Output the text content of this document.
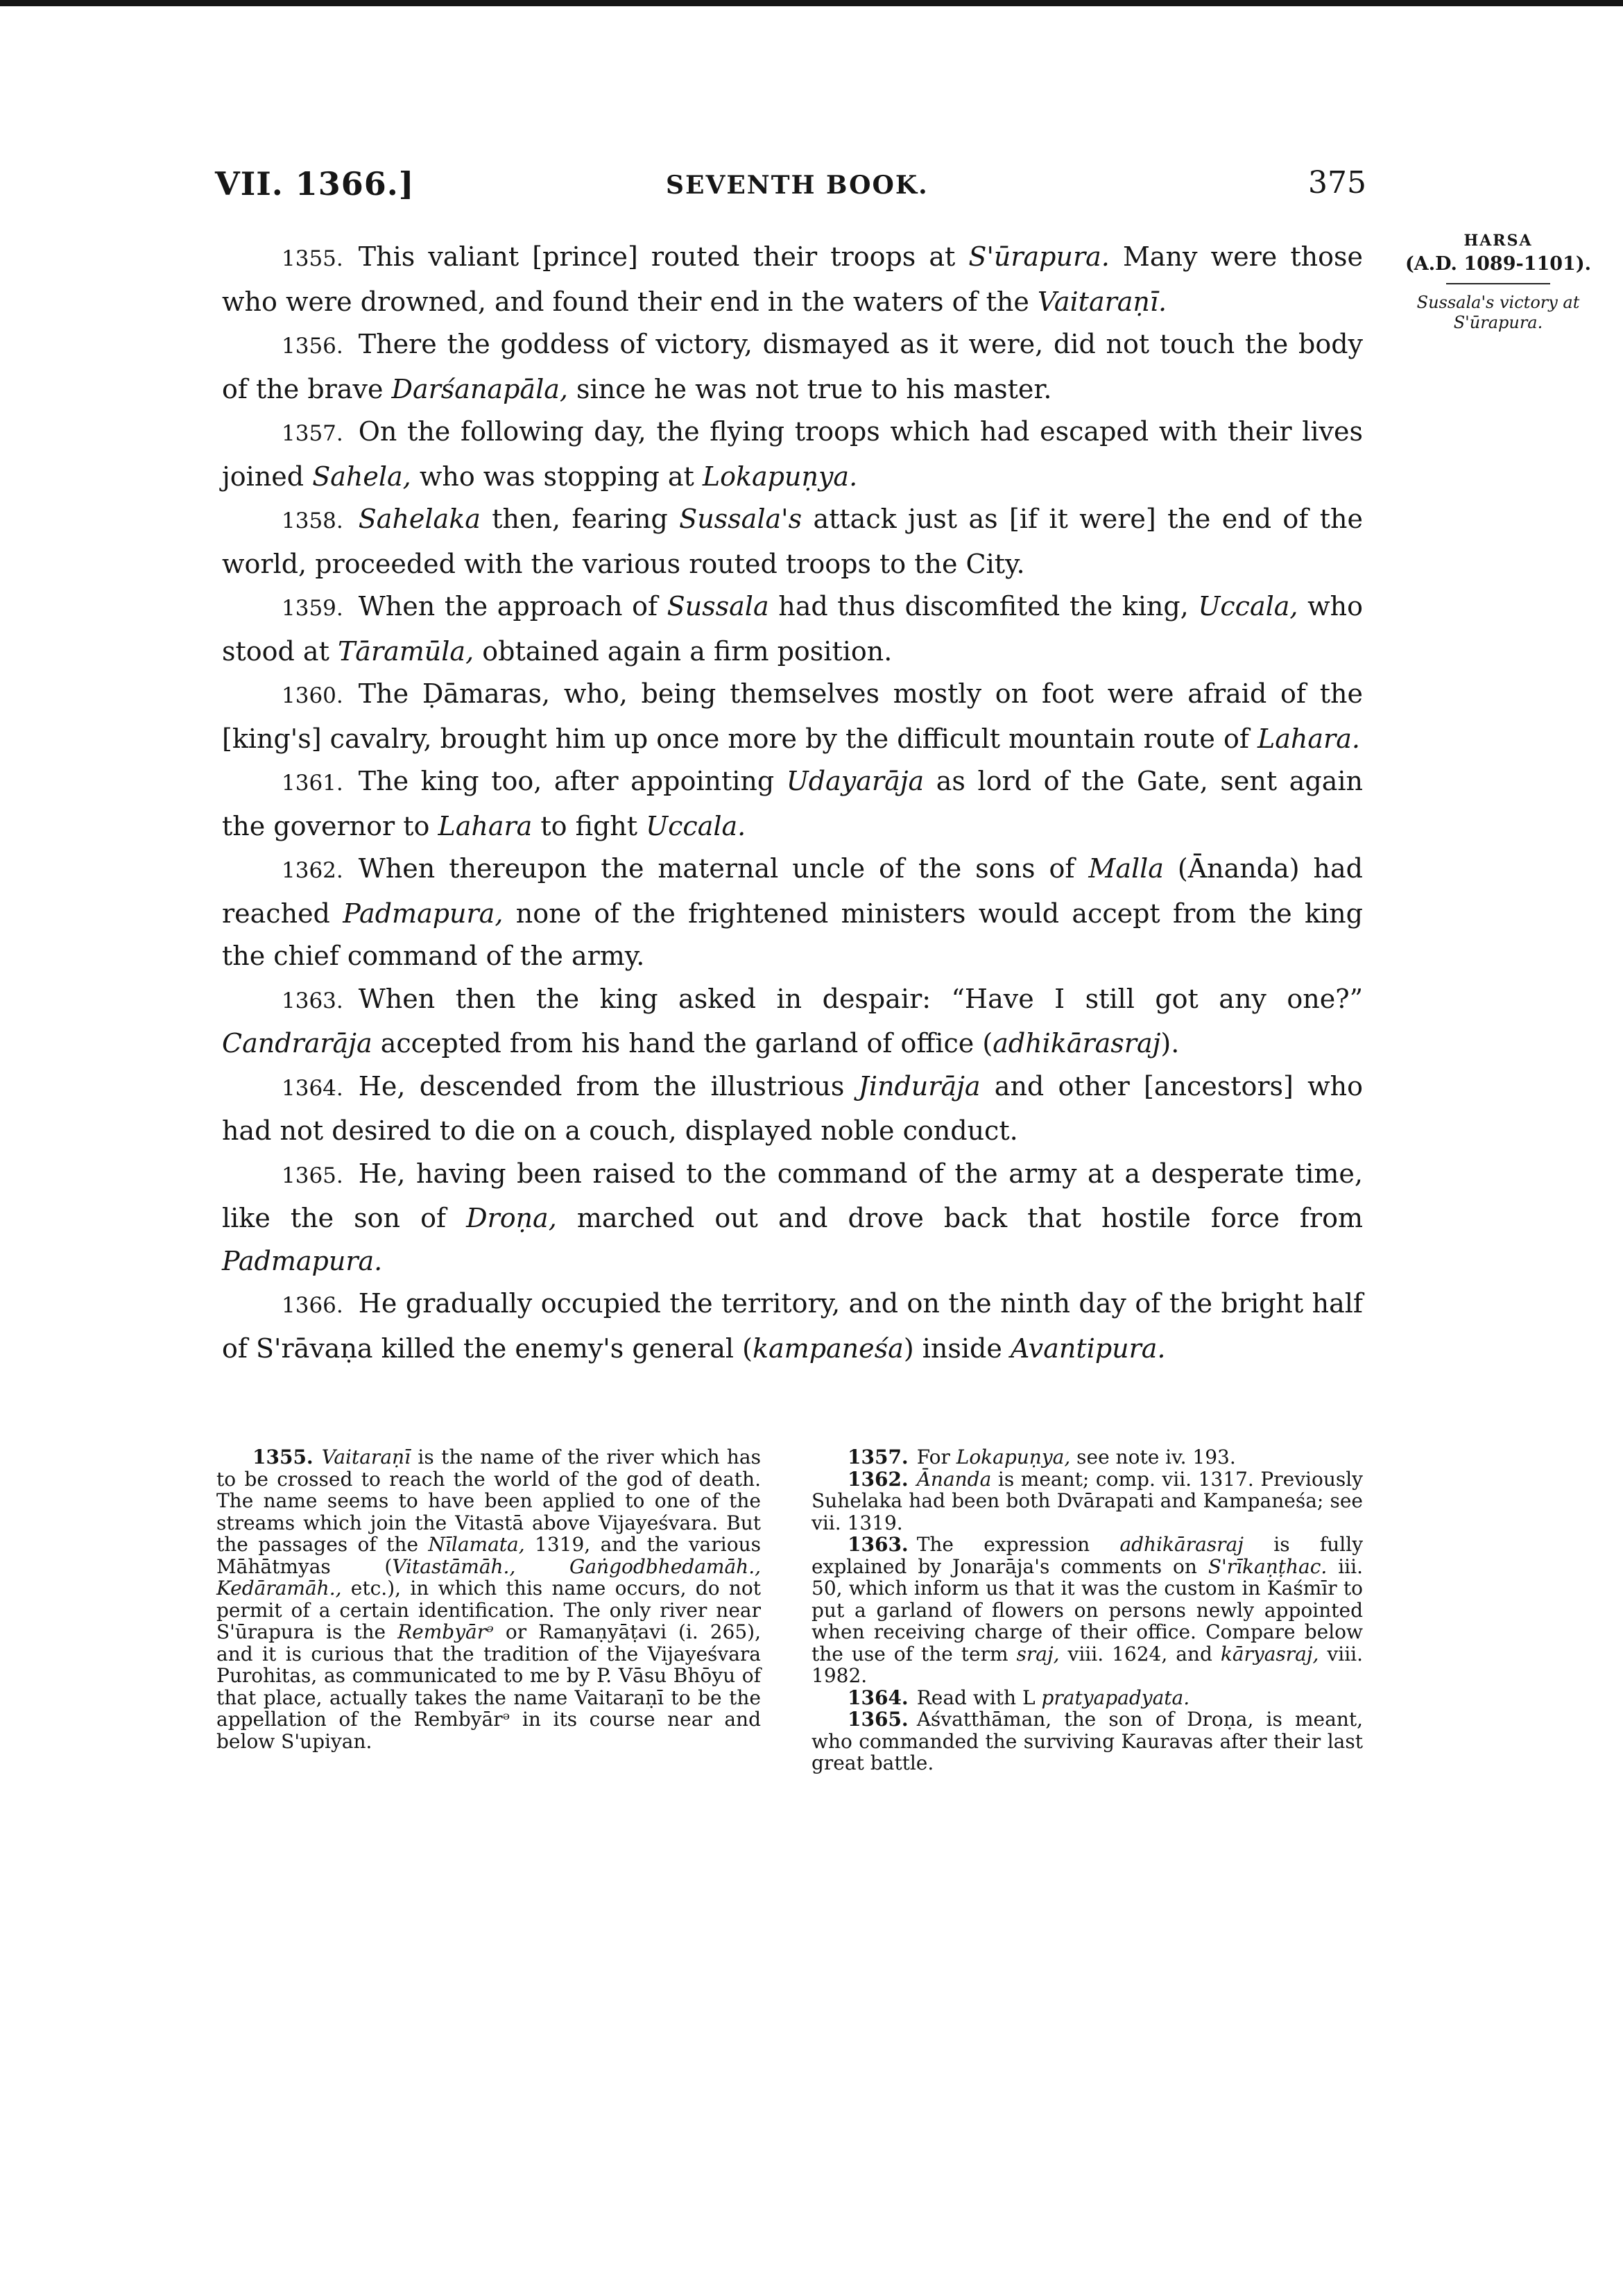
VII. 1366.]	SEVENTH BOOK.	375
HARSA
(A.D. 1089-1101).
Sussala's victory at
S'ūrapura.

1355. This valiant [prince] routed their troops at S'ūrapura. Many were those who were drowned, and found their end in the waters of the Vaitaraṇī.

1356. There the goddess of victory, dismayed as it were, did not touch the body of the brave Darśanapāla, since he was not true to his master.

1357. On the following day, the flying troops which had escaped with their lives joined Sahela, who was stopping at Lokapuṇya.

1358. Sahelaka then, fearing Sussala's attack just as [if it were] the end of the world, proceeded with the various routed troops to the City.

1359. When the approach of Sussala had thus discomfited the king, Uccala, who stood at Tāramūla, obtained again a firm position.

1360. The Ḍāmaras, who, being themselves mostly on foot were afraid of the [king's] cavalry, brought him up once more by the difficult mountain route of Lahara.

1361. The king too, after appointing Udayarāja as lord of the Gate, sent again the governor to Lahara to fight Uccala.

1362. When thereupon the maternal uncle of the sons of Malla (Ānanda) had reached Padmapura, none of the frightened ministers would accept from the king the chief command of the army.

1363. When then the king asked in despair: “Have I still got any one?” Candrarāja accepted from his hand the garland of office (adhikārasraj).

1364. He, descended from the illustrious Jindurāja and other [ancestors] who had not desired to die on a couch, displayed noble conduct.

1365. He, having been raised to the command of the army at a desperate time, like the son of Droṇa, marched out and drove back that hostile force from Padmapura.

1366. He gradually occupied the territory, and on the ninth day of the bright half of S'rāvaṇa killed the enemy's general (kampaneśa) inside Avantipura.

1355. Vaitaraṇī is the name of the river which has to be crossed to reach the world of the god of death. The name seems to have been applied to one of the streams which join the Vitastā above Vijayeśvara. But the passages of the Nīlamata, 1319, and the various Māhātmyas (Vitastāmāh., Gaṅgodbhedamāh., Kedāramāh., etc.), in which this name occurs, do not permit of a certain identification. The only river near S'ūrapura is the Rembyārᵊ or Ramaṇyāṭavi (i. 265), and it is curious that the tradition of the Vijayeśvara Purohitas, as communicated to me by P. Vāsu Bhōyu of that place, actually takes the name Vaitaraṇī to be the appellation of the Rembyārᵊ in its course near and below S'upiyan.

1357. For Lokapuṇya, see note iv. 193.

1362. Ānanda is meant; comp. vii. 1317. Previously Suhelaka had been both Dvārapati and Kampaneśa; see vii. 1319.

1363. The expression adhikārasraj is fully explained by Jonarāja's comments on S'rīkaṇṭhac. iii. 50, which inform us that it was the custom in Kaśmīr to put a garland of flowers on persons newly appointed when receiving charge of their office. Compare below the use of the term sraj, viii. 1624, and kāryasraj, viii. 1982.

1364. Read with L pratyapadyata.

1365. Aśvatthāman, the son of Droṇa, is meant, who commanded the surviving Kauravas after their last great battle.
